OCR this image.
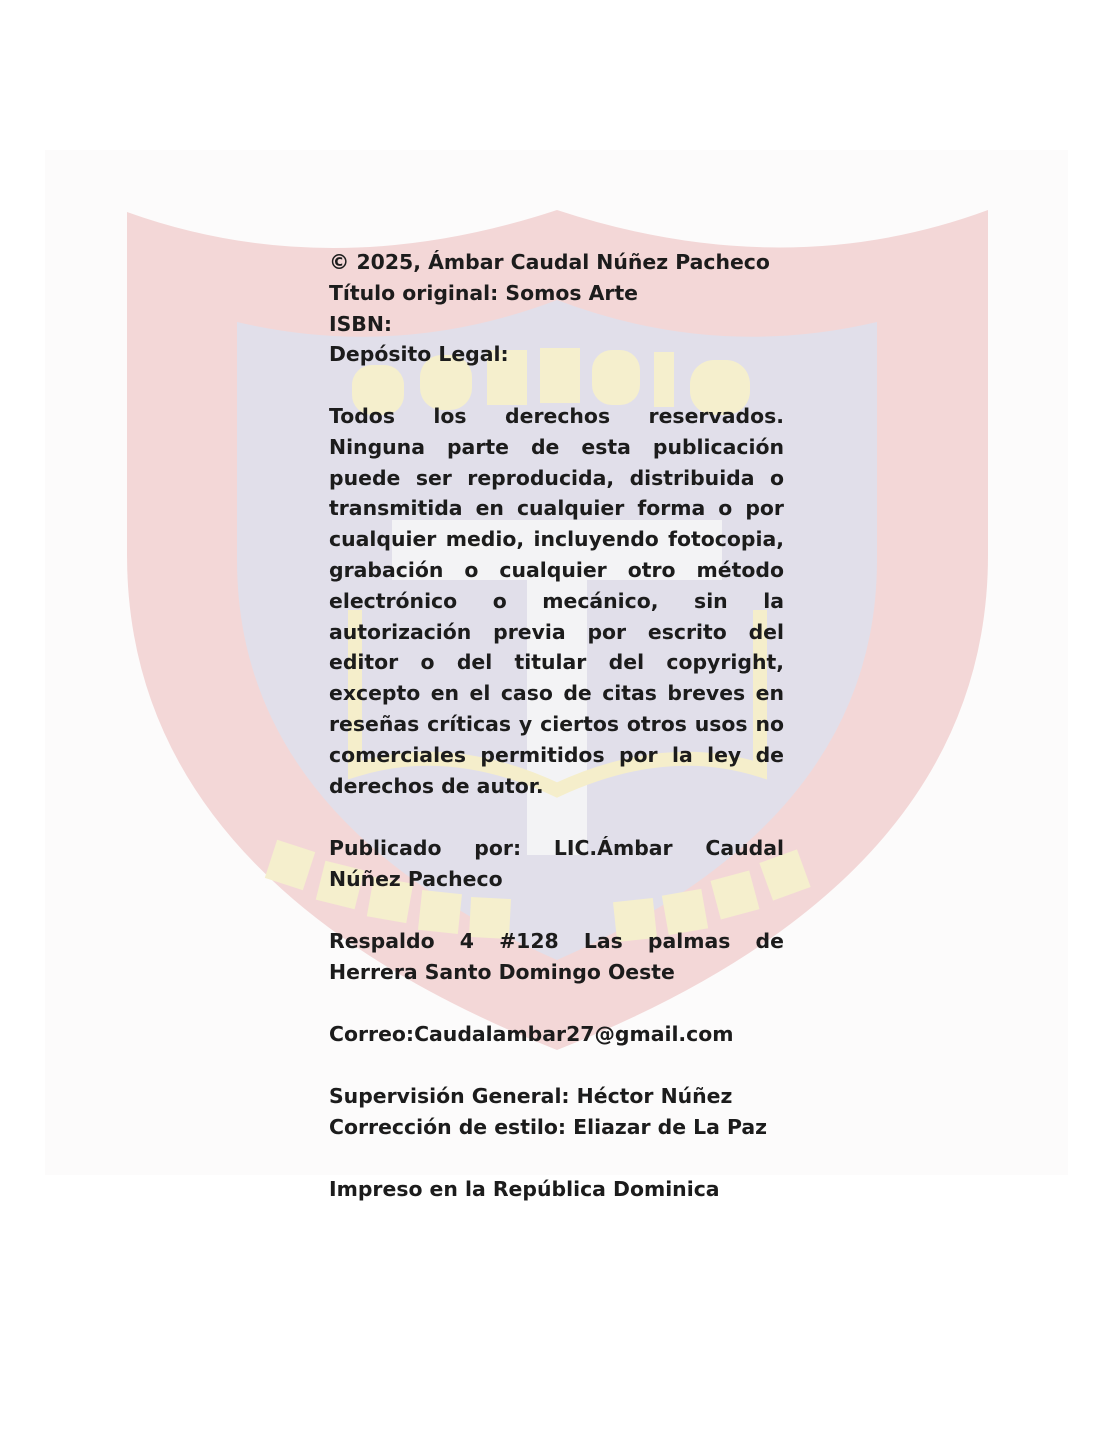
© 2025, Ámbar Caudal Núñez Pacheco
Título original: Somos Arte
ISBN:
Depósito Legal:

Todos los derechos reservados. Ninguna parte de esta publicación puede ser reproducida, distribuida o transmitida en cualquier forma o por cualquier medio, incluyendo fotocopia, grabación o cualquier otro método electrónico o mecánico, sin la autorización previa por escrito del editor o del titular del copyright, excepto en el caso de citas breves en reseñas críticas y ciertos otros usos no comerciales permitidos por la ley de derechos de autor.

Publicado por: LIC.Ámbar Caudal Núñez Pacheco

Respaldo 4 #128 Las palmas de Herrera Santo Domingo Oeste

Correo:Caudalambar27@gmail.com
Supervisión General: Héctor Núñez
Corrección de estilo: Eliazar de La Paz
Impreso en la República Dominica
